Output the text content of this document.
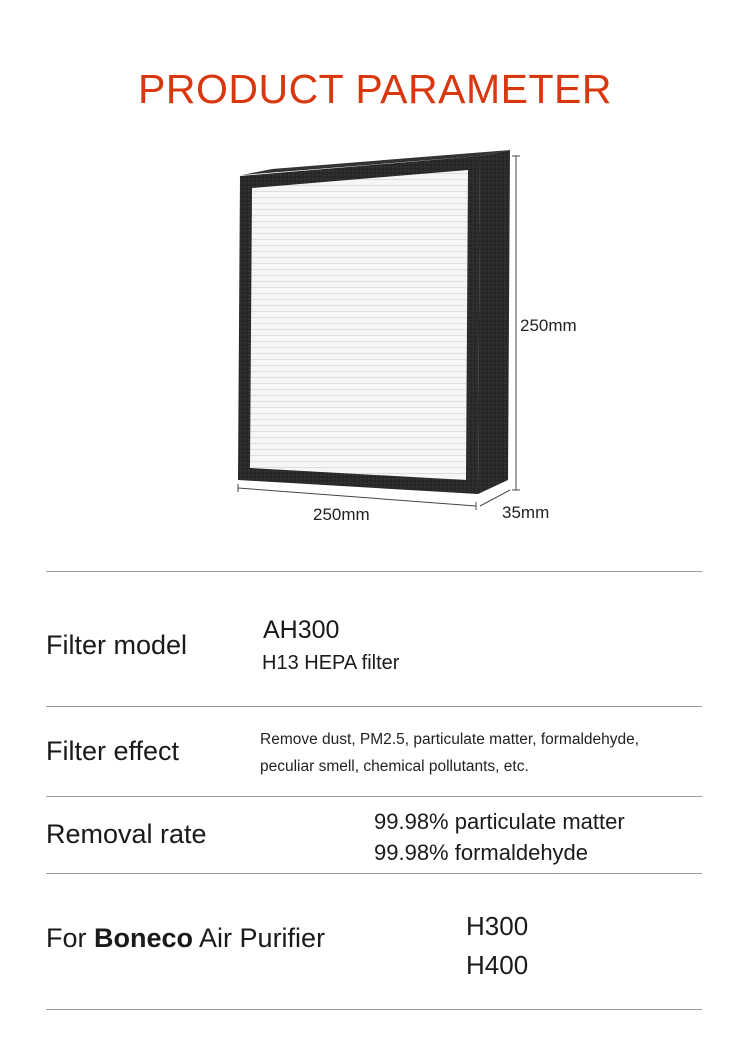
PRODUCT PARAMETER
250mm
250mm	35mm
Filter model	AH300
H13 HEPA filter
Filter effect	Remove dust, PM2.5, particulate matter, formaldehyde,
peculiar smell, chemical pollutants, etc.
Removal rate	99.98% particulate matter
99.98% formaldehyde
For Boneco Air Purifier	H300
H400
